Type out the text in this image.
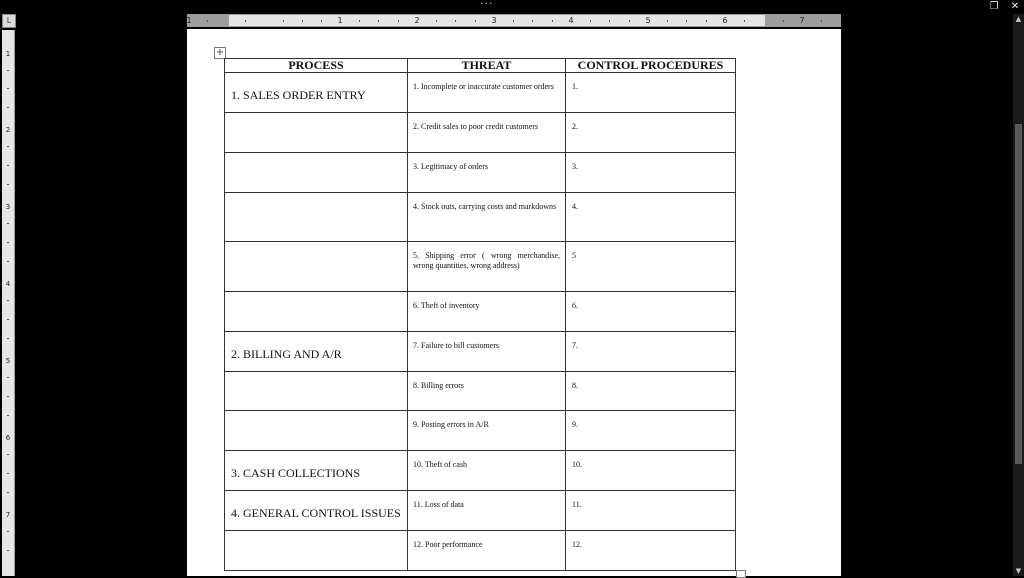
···	❐	✕
L	1	1	2	3	4	5	6	7
1
2
3
4
5
6
7
+
PROCESS	THREAT	CONTROL PROCEDURES
1. SALES ORDER ENTRY	1. Incomplete or inaccurate customer orders	1.
	2. Credit sales to poor credit customers	2.
	3. Legitimacy of orders	3.
	4. Stock outs, carrying costs and markdowns	4.
	5. Shipping error ( wrong merchandise, wrong quantities, wrong address)	5
	6. Theft of inventory	6.
2. BILLING AND A/R	7. Failure to bill customers	7.
	8. Billing errors	8.
	9. Posting errors in A/R	9.
3. CASH COLLECTIONS	10. Theft of cash	10.
4. GENERAL CONTROL ISSUES	11. Loss of data	11.
	12. Poor performance	12.
▲
▼
